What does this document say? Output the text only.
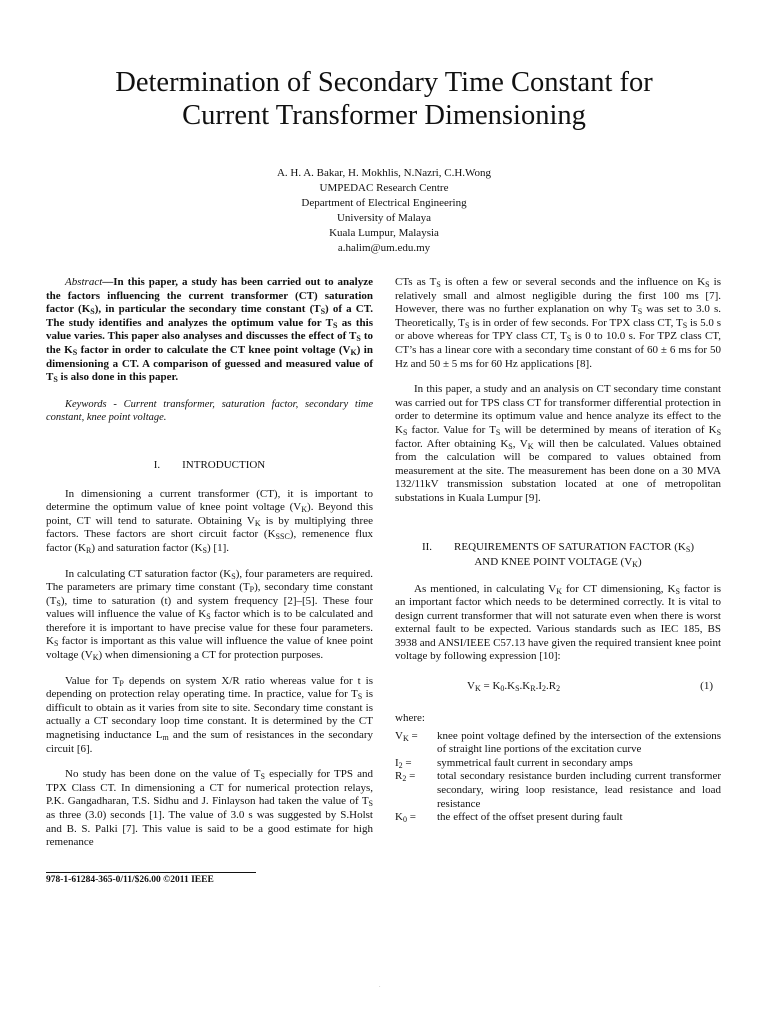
Determination of Secondary Time Constant for
Current Transformer Dimensioning
A. H. A. Bakar, H. Mokhlis, N.Nazri, C.H.Wong
UMPEDAC Research Centre
Department of Electrical Engineering
University of Malaya
Kuala Lumpur, Malaysia
a.halim@um.edu.my

Abstract—In this paper, a study has been carried out to analyze the factors influencing the current transformer (CT) saturation factor $(K_S)$, in particular the secondary time constant $(T_S)$ of a CT. The study identifies and analyzes the optimum value for $T_S$ as this value varies. This paper also analyses and discusses the effect of $T_S$ to the $K_S$ factor in order to calculate the CT knee point voltage $(V_K)$ in dimensioning a CT. A comparison of guessed and measured value of $T_S$ is also done in this paper.

Keywords - Current transformer, saturation factor, secondary time constant, knee point voltage.

I.  INTRODUCTION

In dimensioning a current transformer (CT), it is important to determine the optimum value of knee point voltage $(V_K)$. Beyond this point, CT will tend to saturate. Obtaining $V_K$ is by multiplying three factors. These factors are short circuit factor $(K_{SSC})$, remenence flux factor $(K_R)$ and saturation factor $(K_S)$ [1].

In calculating CT saturation factor $(K_S)$, four parameters are required. The parameters are primary time constant $(T_P)$, secondary time constant $(T_S)$, time to saturation (t) and system frequency [2]–[5]. These four values will influence the value of $K_S$ factor which is to be calculated and therefore it is important to have precise value for these four parameters. $K_S$ factor is important as this value will influence the value of knee point voltage $(V_K)$ when dimensioning a CT for protection purposes.

Value for $T_P$ depends on system X/R ratio whereas value for t is depending on protection relay operating time. In practice, value for $T_S$ is difficult to obtain as it varies from site to site. Secondary time constant is actually a CT secondary loop time constant. It is determined by the CT magnetising inductance $L_m$ and the sum of resistances in the secondary circuit [6].

No study has been done on the value of $T_S$ especially for TPS and TPX Class CT. In dimensioning a CT for numerical protection relays, P.K. Gangadharan, T.S. Sidhu and J. Finlayson had taken the value of $T_S$ as three (3.0) seconds [1]. The value of 3.0 s was suggested by S.Holst and B. S. Palki [7]. This value is said to be a good estimate for high remenance

CTs as $T_S$ is often a few or several seconds and the influence on $K_S$ is relatively small and almost negligible during the first 100 ms [7]. However, there was no further explanation on why $T_S$ was set to 3.0 s. Theoretically, $T_S$ is in order of few seconds. For TPX class CT, $T_S$ is 5.0 s or above whereas for TPY class CT, $T_S$ is 0 to 10.0 s. For TPZ class CT, CT’s has a linear core with a secondary time constant of 60 ± 6 ms for 50 Hz and 50 ± 5 ms for 60 Hz applications [8].

In this paper, a study and an analysis on CT secondary time constant was carried out for TPS class CT for transformer differential protection in order to determine its optimum value and hence analyze its effect to the $K_S$ factor. Value for $T_S$ will be determined by means of iteration of $K_S$ factor. After obtaining $K_S$, $V_K$ will then be calculated. Values obtained from the calculation will be compared to values obtained from measurement at the site. The measurement has been done on a 30 MVA 132/11kV transmission substation located at one of metropolitan substations in Kuala Lumpur [9].

II.  REQUIREMENTS OF SATURATION FACTOR $(K_S)$
AND KNEE POINT VOLTAGE $(V_K)$

As mentioned, in calculating $V_K$ for CT dimensioning, $K_S$ factor is an important factor which needs to be determined correctly. It is vital to design current transformer that will not saturate even when there is worst external fault to be expected. Various standards such as IEC 185, BS 3938 and ANSI/IEEE C57.13 have given the required transient knee point voltage by following expression [10]:

$V_K = K_0.K_S.K_R.I_2.R_2$	(1)
where:
$V_K$ =	knee point voltage defined by the intersection of the extensions of straight line portions of the excitation curve
$I_2$ =	symmetrical fault current in secondary amps
$R_2$ =	total secondary resistance burden including current transformer secondary, wiring loop resistance, lead resistance and load resistance
$K_0$ =	the effect of the offset present during fault
978-1-61284-365-0/11/$26.00 ©2011 IEEE
.
